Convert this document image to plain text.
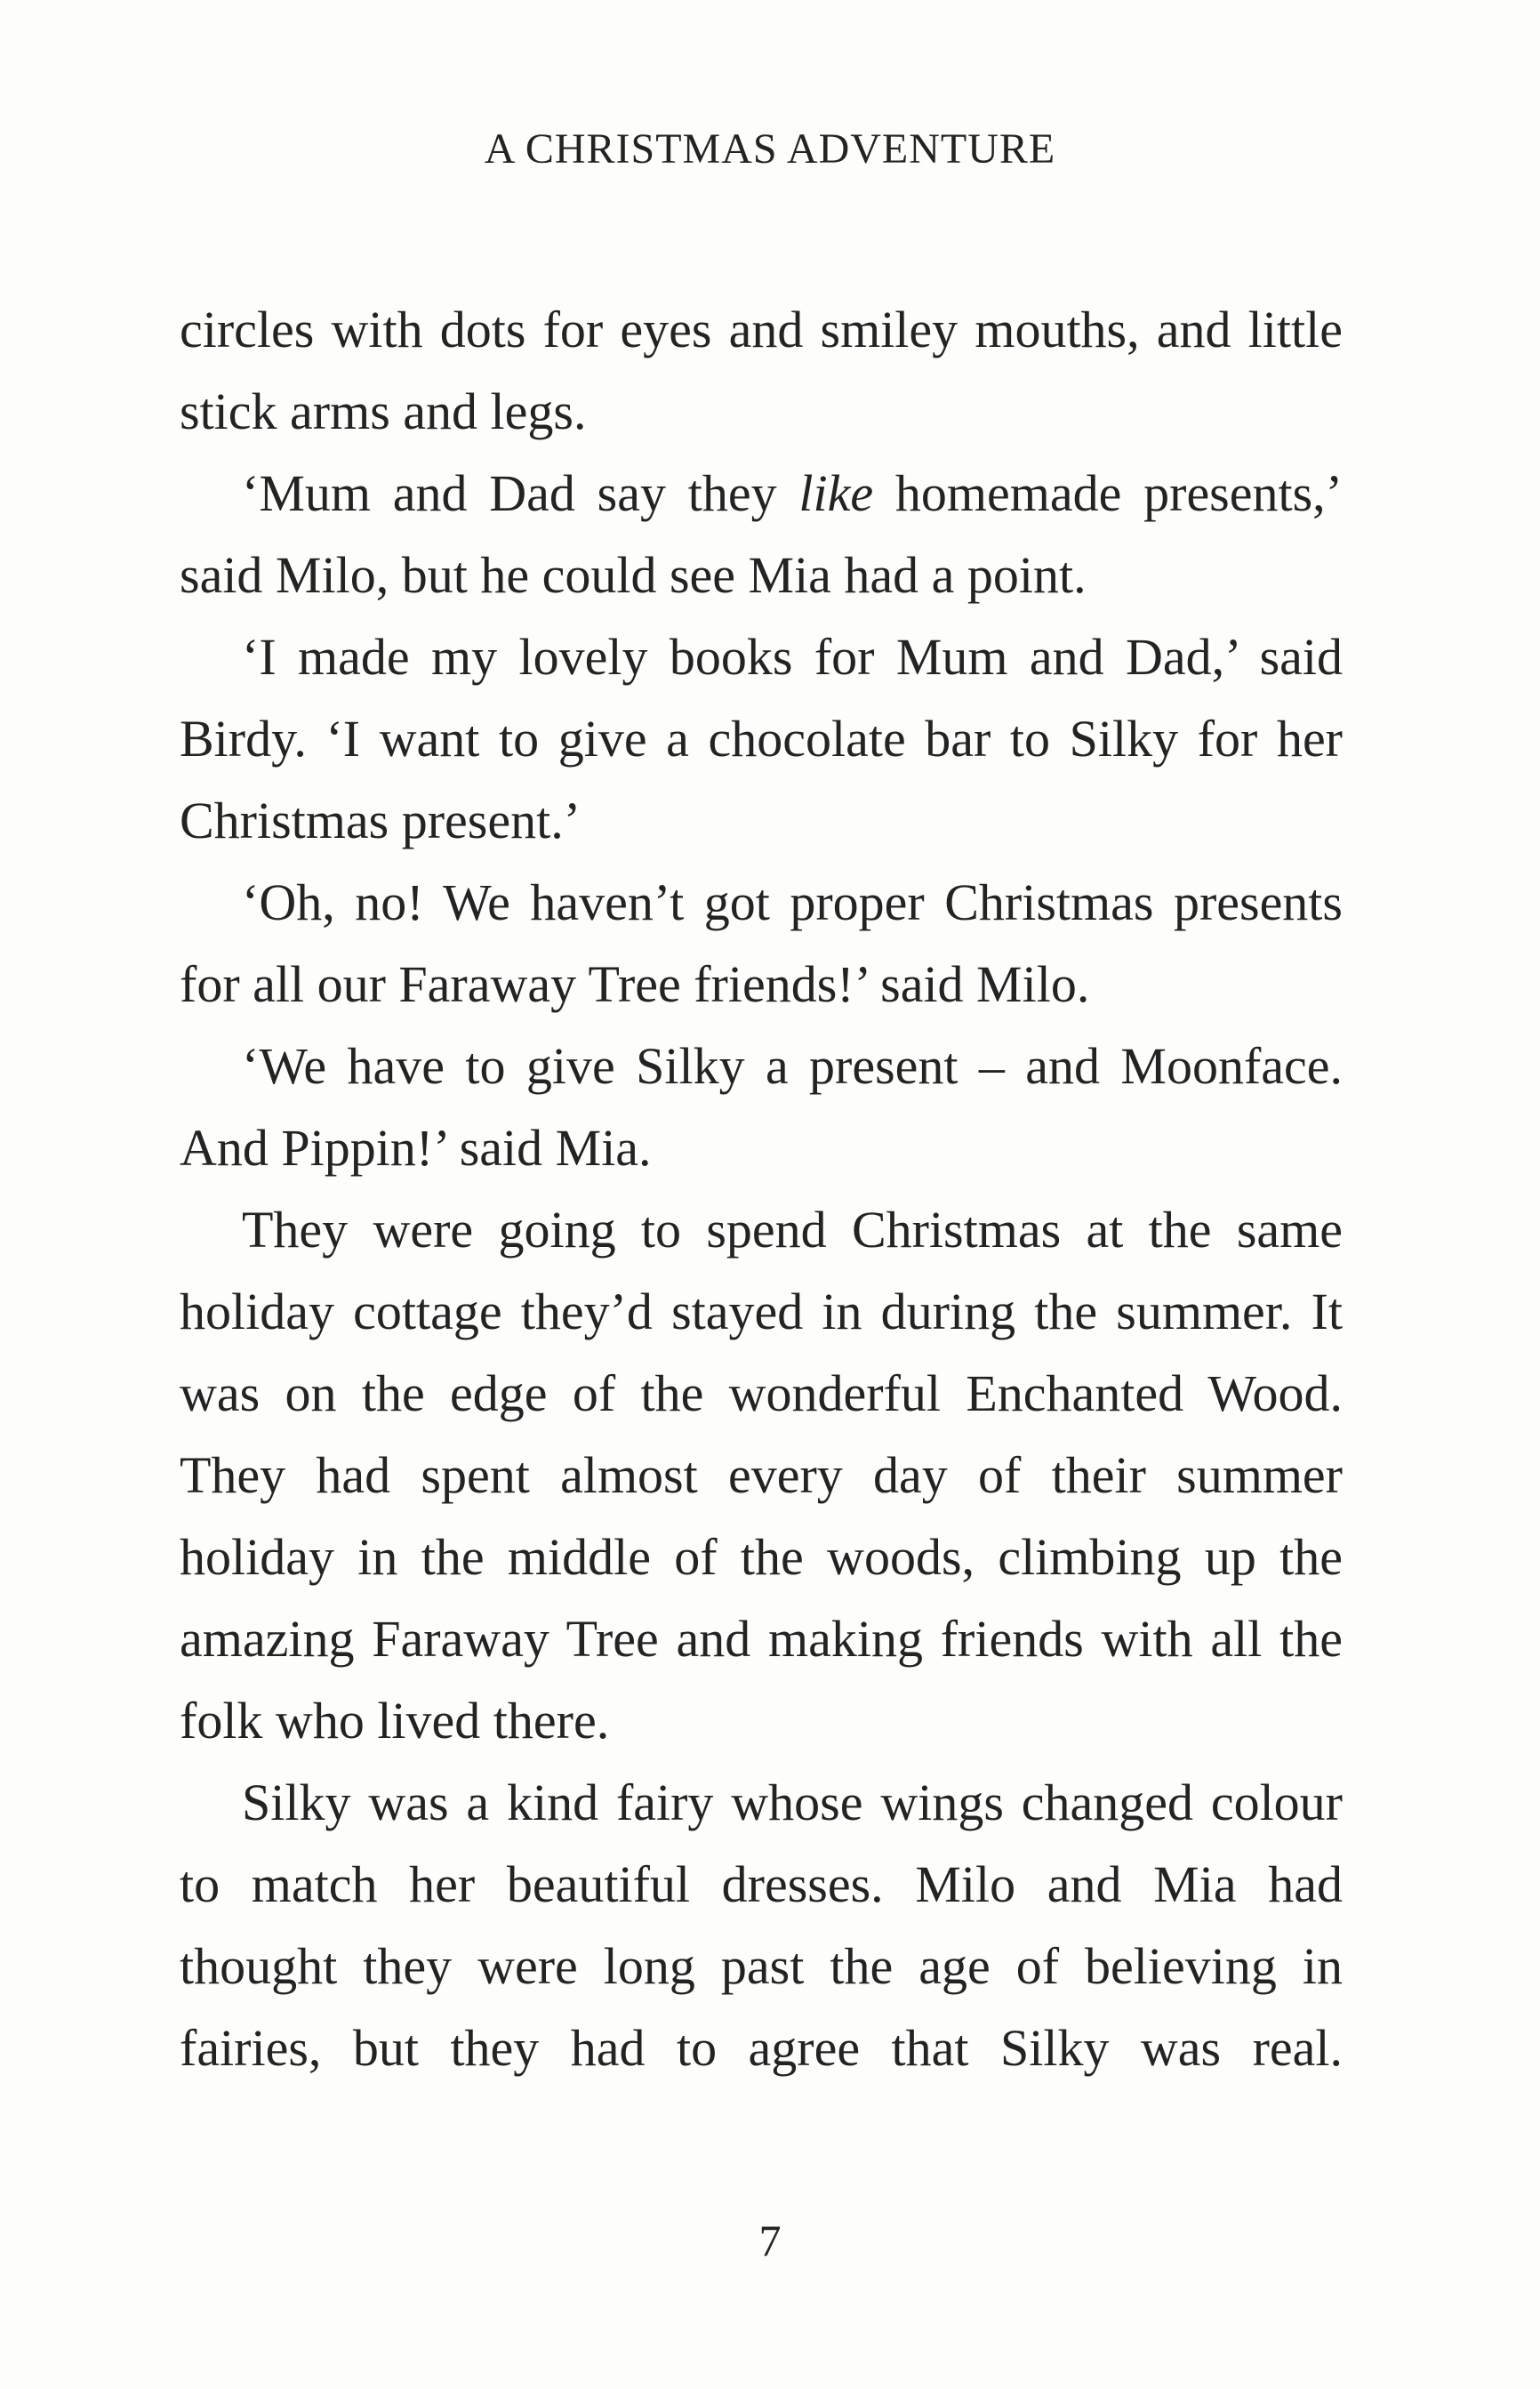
A CHRISTMAS ADVENTURE

circles with dots for eyes and smiley mouths, and little stick arms and legs.

‘Mum and Dad say they like homemade presents,’ said Milo, but he could see Mia had a point.

‘I made my lovely books for Mum and Dad,’ said Birdy. ‘I want to give a chocolate bar to Silky for her Christmas present.’

‘Oh, no! We haven’t got proper Christmas presents for all our Faraway Tree friends!’ said Milo.

‘We have to give Silky a present – and Moonface. And Pippin!’ said Mia.

They were going to spend Christmas at the same holiday cottage they’d stayed in during the summer. It was on the edge of the wonderful Enchanted Wood. They had spent almost every day of their summer holiday in the middle of the woods, climbing up the amazing Faraway Tree and making friends with all the folk who lived there.

Silky was a kind fairy whose wings changed colour to match her beautiful dresses. Milo and Mia had thought they were long past the age of believing in fairies, but they had to agree that Silky was real.

7
